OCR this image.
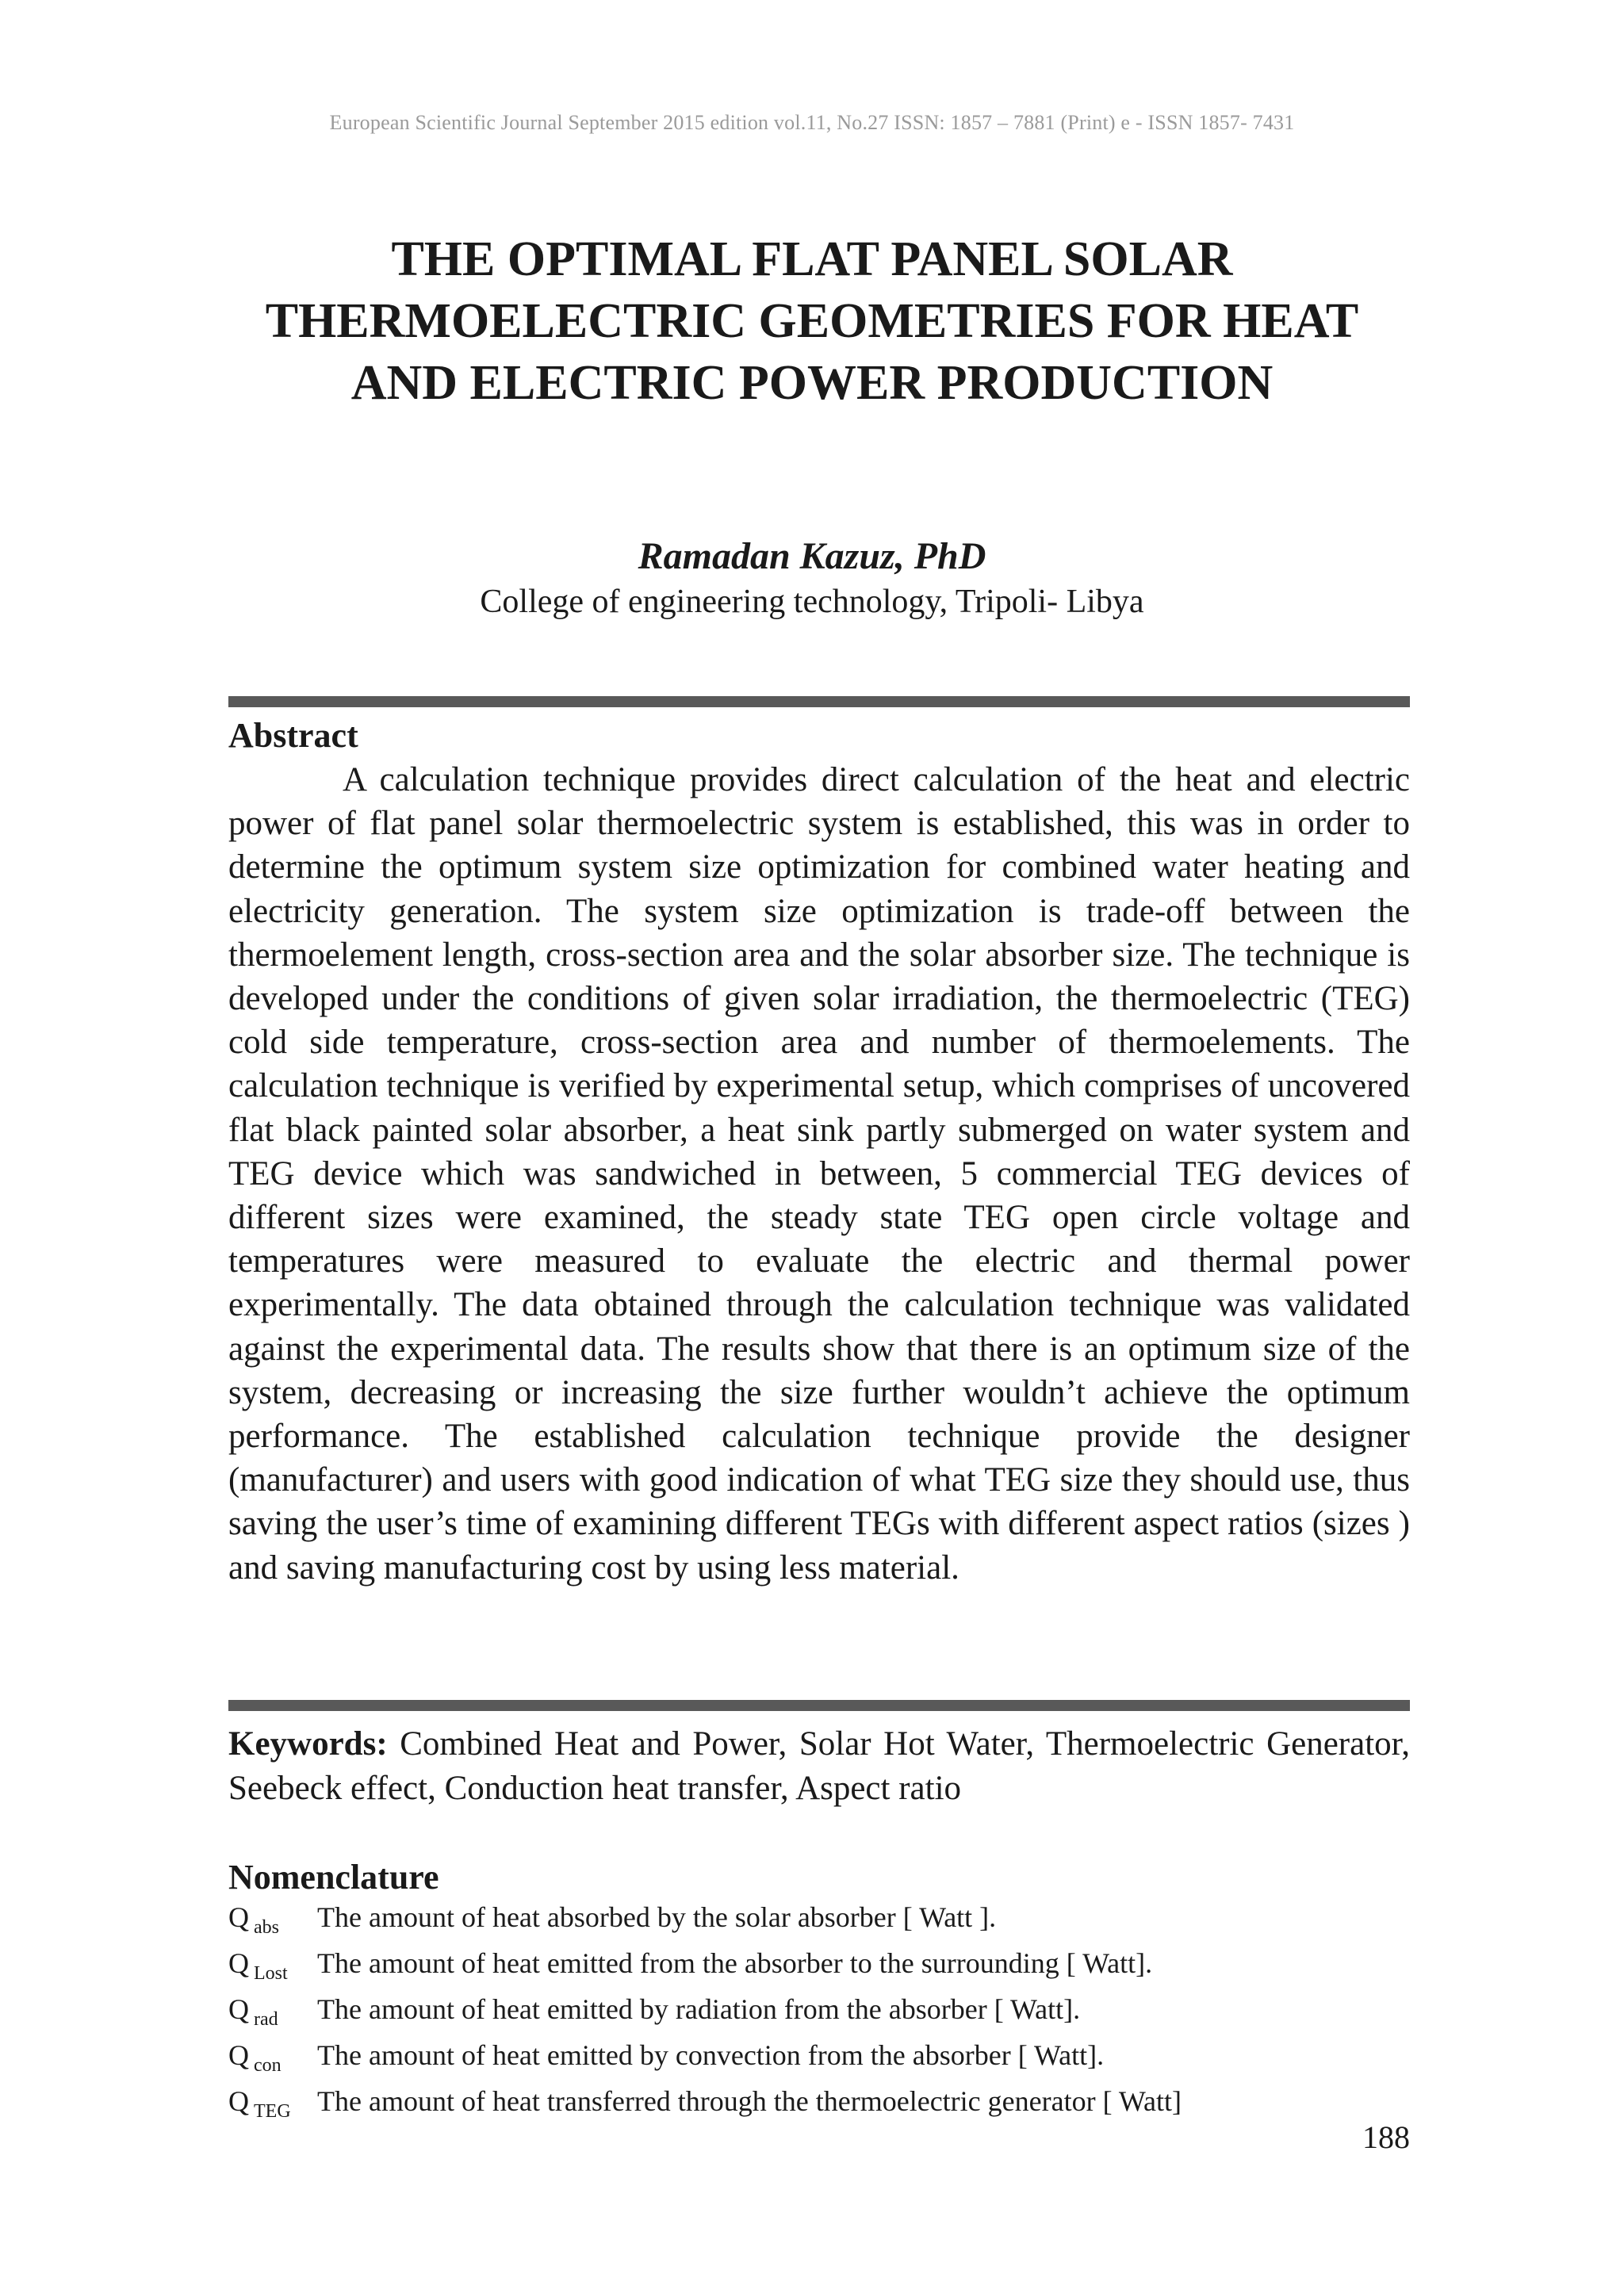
European Scientific Journal September 2015 edition vol.11, No.27 ISSN: 1857 – 7881 (Print) e - ISSN 1857- 7431
THE OPTIMAL FLAT PANEL SOLAR
THERMOELECTRIC GEOMETRIES FOR HEAT
AND ELECTRIC POWER PRODUCTION
Ramadan Kazuz, PhD
College of engineering technology, Tripoli- Libya
Abstract
A calculation technique provides direct calculation of the heat and electric power of flat panel solar thermoelectric system is established, this was in order to determine the optimum system size optimization for combined water heating and electricity generation. The system size optimization is trade-off between the thermoelement length, cross-section area and the solar absorber size. The technique is developed under the conditions of given solar irradiation, the thermoelectric (TEG) cold side temperature, cross-section area and number of thermoelements. The calculation technique is verified by experimental setup, which comprises of uncovered flat black painted solar absorber, a heat sink partly submerged on water system and TEG device which was sandwiched in between, 5 commercial TEG devices of different sizes were examined, the steady state TEG open circle voltage and temperatures were measured to evaluate the electric and thermal power experimentally. The data obtained through the calculation technique was validated against the experimental data. The results show that there is an optimum size of the system, decreasing or increasing the size further wouldn’t achieve the optimum performance. The established calculation technique provide the designer (manufacturer) and users with good indication of what TEG size they should use, thus saving the user’s time of examining different TEGs with different aspect ratios (sizes ) and saving manufacturing cost by using less material.
Keywords: Combined Heat and Power, Solar Hot Water, Thermoelectric Generator, Seebeck effect, Conduction heat transfer, Aspect ratio
Nomenclature
Q $_{abs}$	The amount of heat absorbed by the solar absorber [ Watt ].
Q $_{Lost}$	The amount of heat emitted from the absorber to the surrounding [ Watt].
Q $_{rad}$	The amount of heat emitted by radiation from the absorber [ Watt].
Q $_{con}$	The amount of heat emitted by convection from the absorber [ Watt].
Q $_{TEG}$ The amount of heat transferred through the thermoelectric generator [ Watt]
188
